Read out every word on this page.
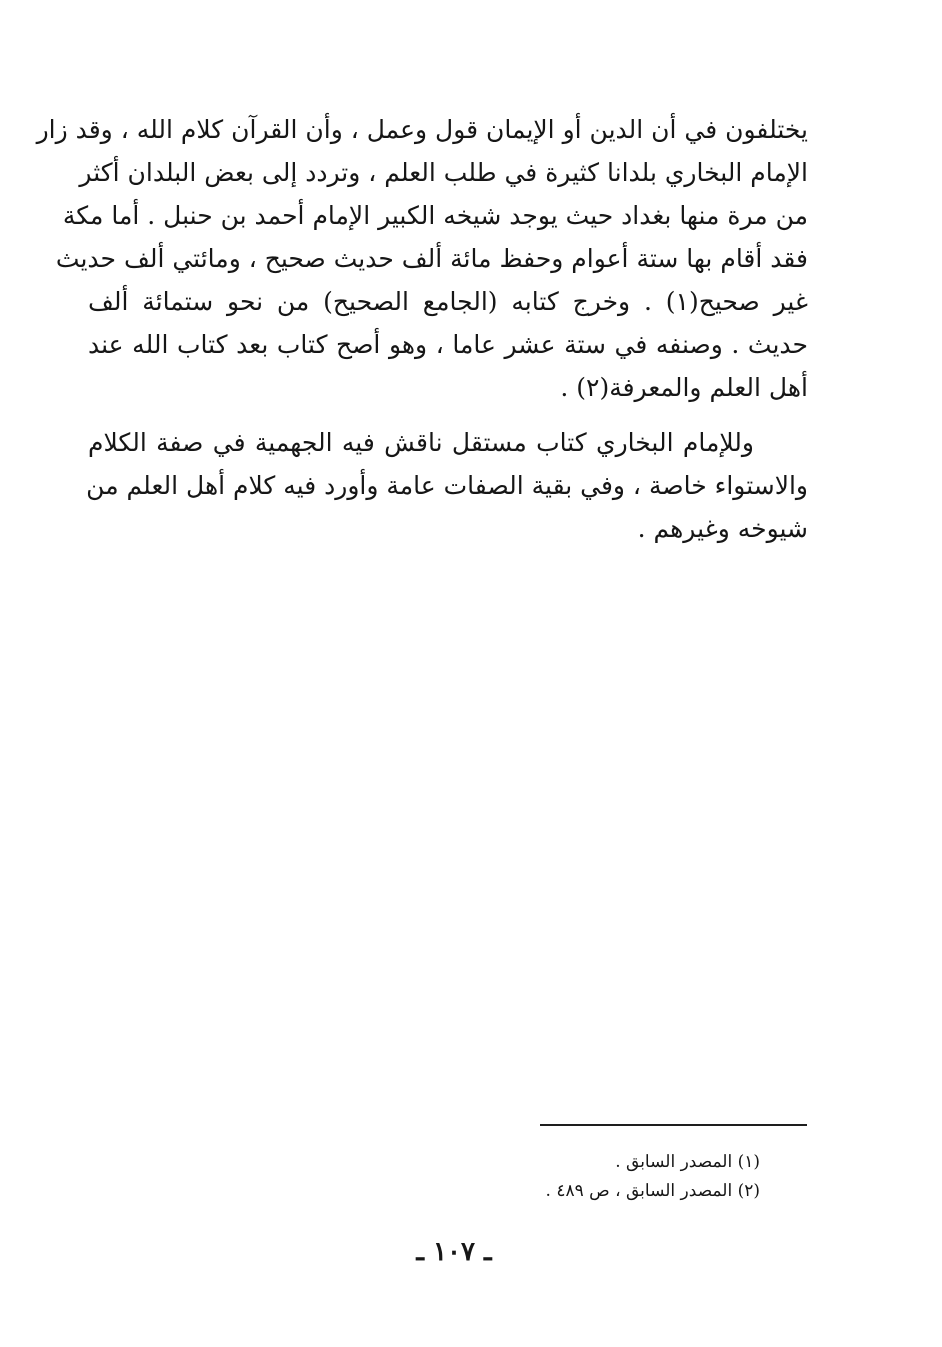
يختلفون في أن الدين أو الإيمان قول وعمل ، وأن القرآن كلام الله ، وقد زار
الإمام البخاري بلدانا كثيرة في طلب العلم ، وتردد إلى بعض البلدان أكثر
من مرة منها بغداد حيث يوجد شيخه الكبير الإمام أحمد بن حنبل . أما مكة
فقد أقام بها ستة أعوام وحفظ مائة ألف حديث صحيح ، ومائتي ألف حديث
غير صحيح(١) . وخرج كتابه (الجامع الصحيح) من نحو ستمائة ألف
حديث . وصنفه في ستة عشر عاما ، وهو أصح كتاب بعد كتاب الله عند
أهل العلم والمعرفة(٢) .
وللإمام البخاري كتاب مستقل ناقش فيه الجهمية في صفة الكلام
والاستواء خاصة ، وفي بقية الصفات عامة وأورد فيه كلام أهل العلم من
شيوخه وغيرهم .
(١) المصدر السابق .
(٢) المصدر السابق ، ص ٤٨٩ .
ـ ١٠٧ ـ
